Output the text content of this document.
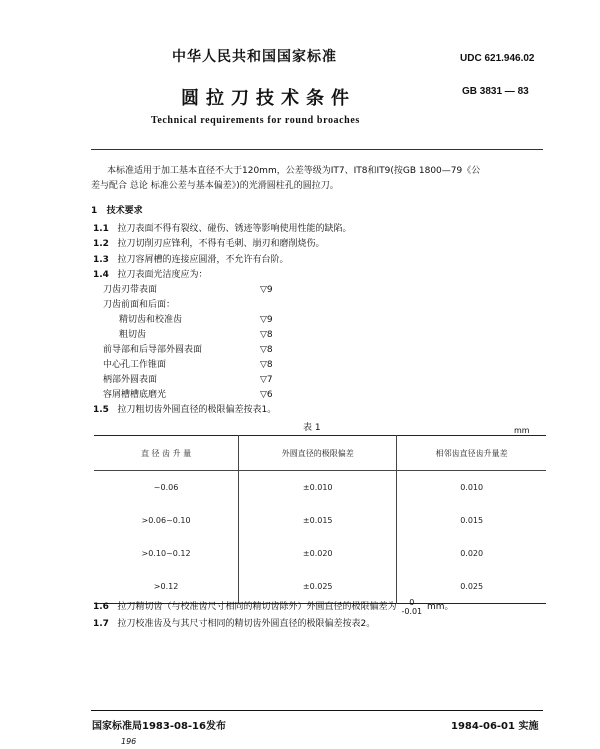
中华人民共和国国家标准	UDC 621.946.02
圆拉刀技术条件	GB 3831 — 83
Technical requirements for round broaches
本标准适用于加工基本直径不大于120mm，公差等级为IT7、IT8和IT9(按GB 1800—79《公
差与配合 总论 标准公差与基本偏差》)的光滑圆柱孔的圆拉刀。
1 技术要求
1.1 拉刀表面不得有裂纹、碰伤、锈迹等影响使用性能的缺陷。
1.2 拉刀切削刃应锋利，不得有毛刺、崩刃和磨削烧伤。
1.3 拉刀容屑槽的连接应圆滑，不允许有台阶。
1.4 拉刀表面光洁度应为：
刀齿刃带表面	▽9
刀齿前面和后面：
精切齿和校准齿	▽9
粗切齿	▽8
前导部和后导部外圆表面	▽8
中心孔工作锥面	▽8
柄部外圆表面	▽7
容屑槽槽底磨光	▽6
1.5 拉刀粗切齿外圆直径的极限偏差按表1。
表 1	mm
直 径 齿 升 量	外圆直径的极限偏差	相邻齿直径齿升量差
~0.06	±0.010	0.010
>0.06~0.10	±0.015	0.015
>0.10~0.12	±0.020	0.020
>0.12	±0.025	0.025
1.6 拉刀精切齿（与校准齿尺寸相同的精切齿除外）外圆直径的极限偏差为	0
-0.01 mm。
1.7 拉刀校准齿及与其尺寸相同的精切齿外圆直径的极限偏差按表2。
国家标准局1983-08-16发布	1984-06-01 实施
196
